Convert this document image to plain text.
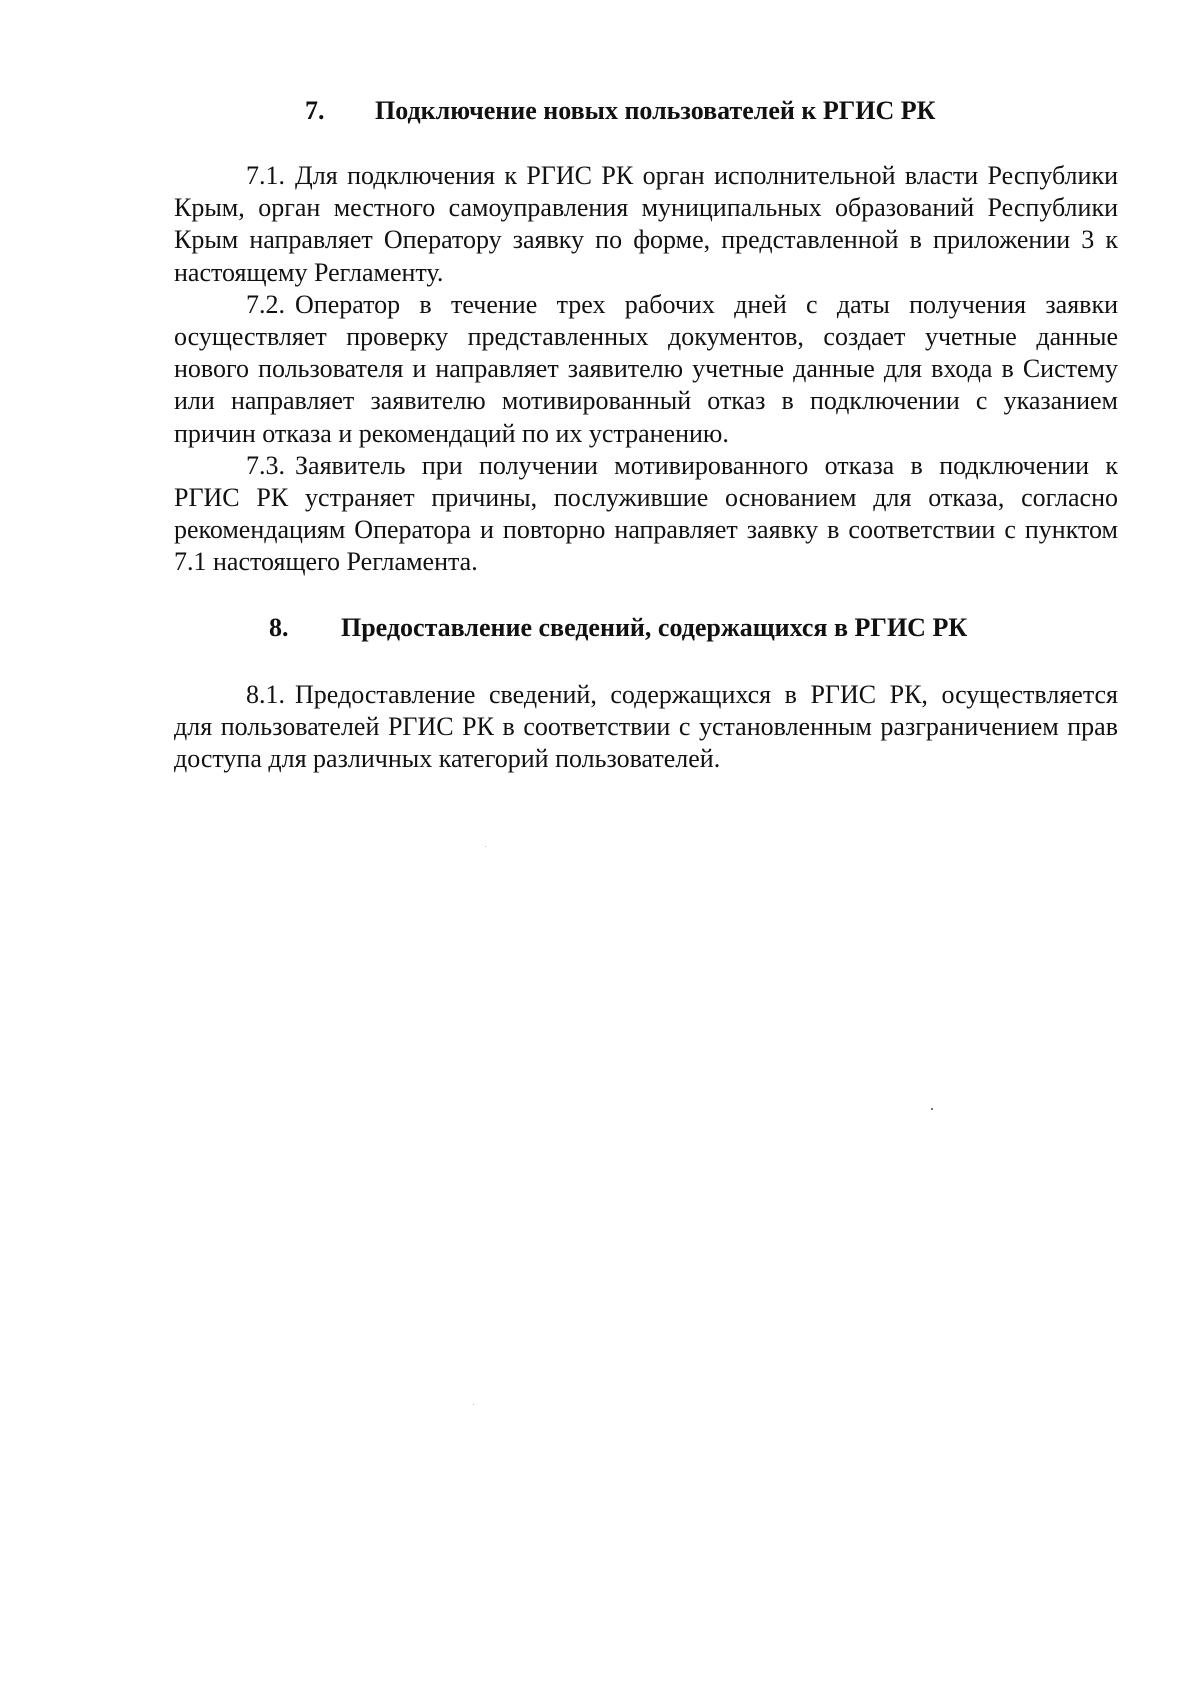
7. Подключение новых пользователей к РГИС РК

7.1. Для подключения к РГИС РК орган исполнительной власти Республики Крым, орган местного самоуправления муниципальных образований Республики Крым направляет Оператору заявку по форме, представленной в приложении 3 к настоящему Регламенту.

7.2. Оператор в течение трех рабочих дней с даты получения заявки осуществляет проверку представленных документов, создает учетные данные нового пользователя и направляет заявителю учетные данные для входа в Систему или направляет заявителю мотивированный отказ в подключении с указанием причин отказа и рекомендаций по их устранению.

7.3. Заявитель при получении мотивированного отказа в подключении к РГИС РК устраняет причины, послужившие основанием для отказа, согласно рекомендациям Оператора и повторно направляет заявку в соответствии с пунктом 7.1 настоящего Регламента.

8. Предоставление сведений, содержащихся в РГИС РК

8.1. Предоставление сведений, содержащихся в РГИС РК, осуществляется для пользователей РГИС РК в соответствии с установленным разграничением прав доступа для различных категорий пользователей.
